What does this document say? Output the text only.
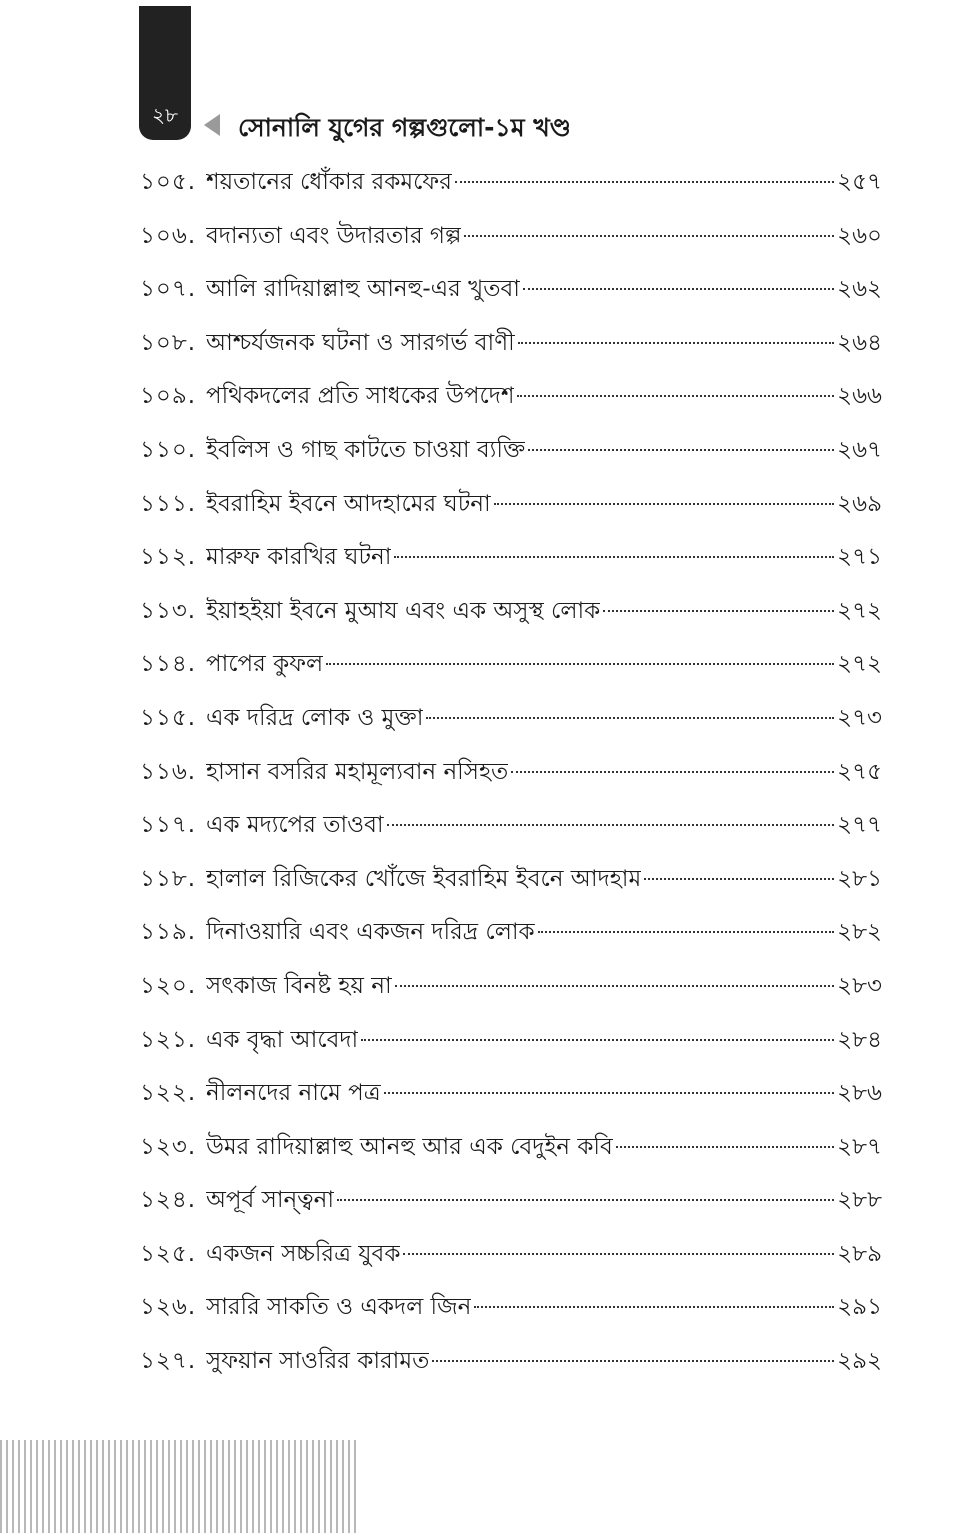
২৮	সোনালি যুগের গল্পগুলো-১ম খণ্ড
১০৫. শয়তানের ধোঁকার রকমফের	২৫৭
১০৬. বদান্যতা এবং উদারতার গল্প	২৬০
১০৭. আলি রাদিয়াল্লাহু আনহু-এর খুতবা	২৬২
১০৮. আশ্চর্যজনক ঘটনা ও সারগর্ভ বাণী	২৬৪
১০৯. পথিকদলের প্রতি সাধকের উপদেশ	২৬৬
১১০. ইবলিস ও গাছ কাটতে চাওয়া ব্যক্তি	২৬৭
১১১. ইবরাহিম ইবনে আদহামের ঘটনা	২৬৯
১১২. মারুফ কারখির ঘটনা	২৭১
১১৩. ইয়াহইয়া ইবনে মুআয এবং এক অসুস্থ লোক	২৭২
১১৪. পাপের কুফল	২৭২
১১৫. এক দরিদ্র লোক ও মুক্তা	২৭৩
১১৬. হাসান বসরির মহামূল্যবান নসিহত	২৭৫
১১৭. এক মদ্যপের তাওবা	২৭৭
১১৮. হালাল রিজিকের খোঁজে ইবরাহিম ইবনে আদহাম	২৮১
১১৯. দিনাওয়ারি এবং একজন দরিদ্র লোক	২৮২
১২০. সৎকাজ বিনষ্ট হয় না	২৮৩
১২১. এক বৃদ্ধা আবেদা	২৮৪
১২২. নীলনদের নামে পত্র	২৮৬
১২৩. উমর রাদিয়াল্লাহু আনহু আর এক বেদুইন কবি	২৮৭
১২৪. অপূর্ব সান্ত্বনা	২৮৮
১২৫. একজন সচ্চরিত্র যুবক	২৮৯
১২৬. সাররি সাকতি ও একদল জিন	২৯১
১২৭. সুফয়ান সাওরির কারামত	২৯২
